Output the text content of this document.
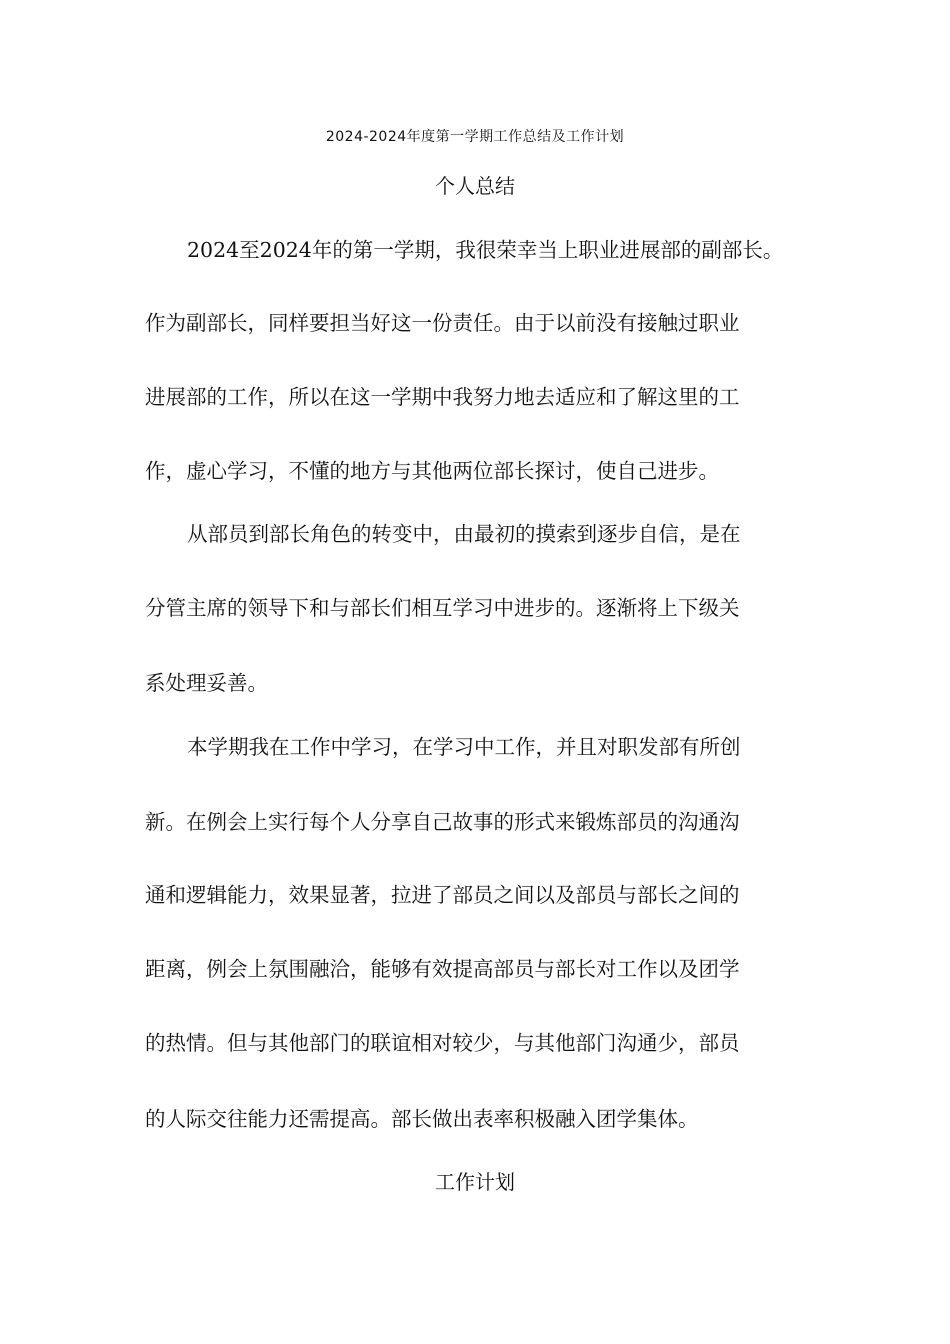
2024-2024年度第一学期工作总结及工作计划
个人总结
2024至2024年的第一学期，我很荣幸当上职业进展部的副部长。
作为副部长，同样要担当好这一份责任。由于以前没有接触过职业
进展部的工作，所以在这一学期中我努力地去适应和了解这里的工
作，虚心学习，不懂的地方与其他两位部长探讨，使自己进步。
从部员到部长角色的转变中，由最初的摸索到逐步自信，是在
分管主席的领导下和与部长们相互学习中进步的。逐渐将上下级关
系处理妥善。
本学期我在工作中学习，在学习中工作，并且对职发部有所创
新。在例会上实行每个人分享自己故事的形式来锻炼部员的沟通沟
通和逻辑能力，效果显著，拉进了部员之间以及部员与部长之间的
距离，例会上氛围融洽，能够有效提高部员与部长对工作以及团学
的热情。但与其他部门的联谊相对较少，与其他部门沟通少，部员
的人际交往能力还需提高。部长做出表率积极融入团学集体。
工作计划
